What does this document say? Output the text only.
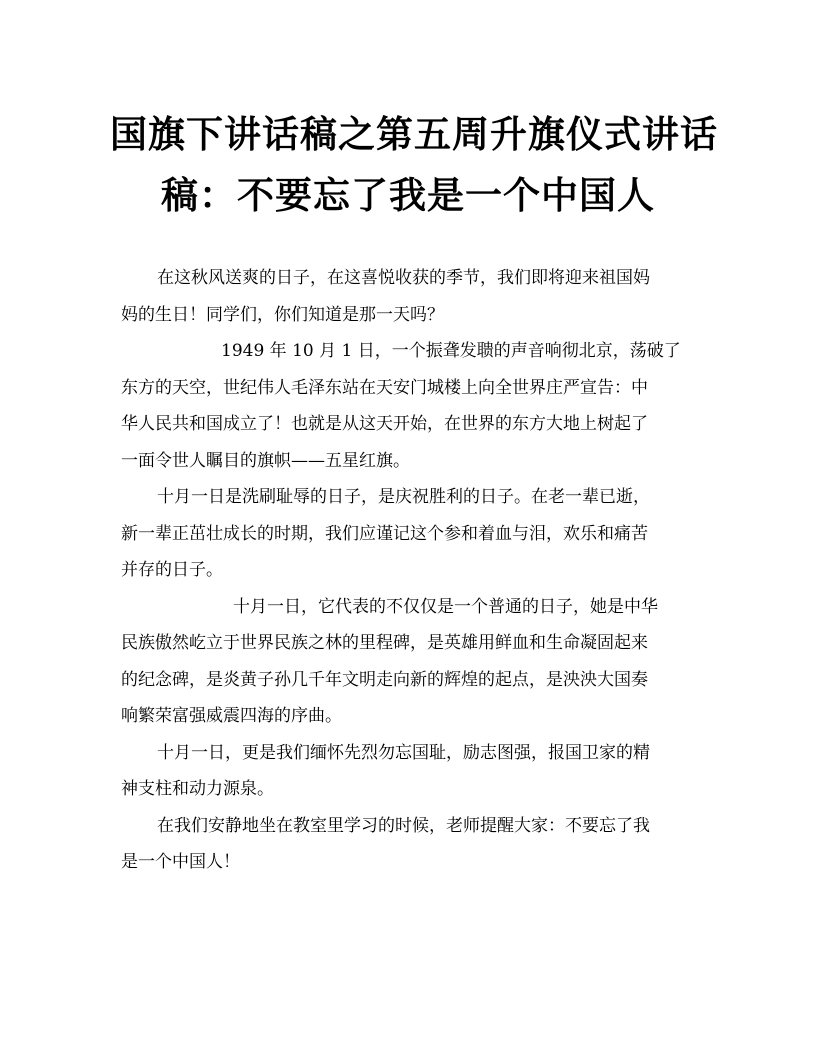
国旗下讲话稿之第五周升旗仪式讲话
稿：不要忘了我是一个中国人
在这秋风送爽的日子，在这喜悦收获的季节，我们即将迎来祖国妈
妈的生日！同学们，你们知道是那一天吗？
1949 年 10 月 1 日，一个振聋发聩的声音响彻北京，荡破了
东方的天空，世纪伟人毛泽东站在天安门城楼上向全世界庄严宣告：中
华人民共和国成立了！也就是从这天开始，在世界的东方大地上树起了
一面令世人瞩目的旗帜——五星红旗。
十月一日是洗刷耻辱的日子，是庆祝胜利的日子。在老一辈已逝，
新一辈正茁壮成长的时期，我们应谨记这个参和着血与泪，欢乐和痛苦
并存的日子。
十月一日，它代表的不仅仅是一个普通的日子，她是中华
民族傲然屹立于世界民族之林的里程碑，是英雄用鲜血和生命凝固起来
的纪念碑，是炎黄子孙几千年文明走向新的辉煌的起点，是泱泱大国奏
响繁荣富强威震四海的序曲。
十月一日，更是我们缅怀先烈勿忘国耻，励志图强，报国卫家的精
神支柱和动力源泉。
在我们安静地坐在教室里学习的时候，老师提醒大家：不要忘了我
是一个中国人！
